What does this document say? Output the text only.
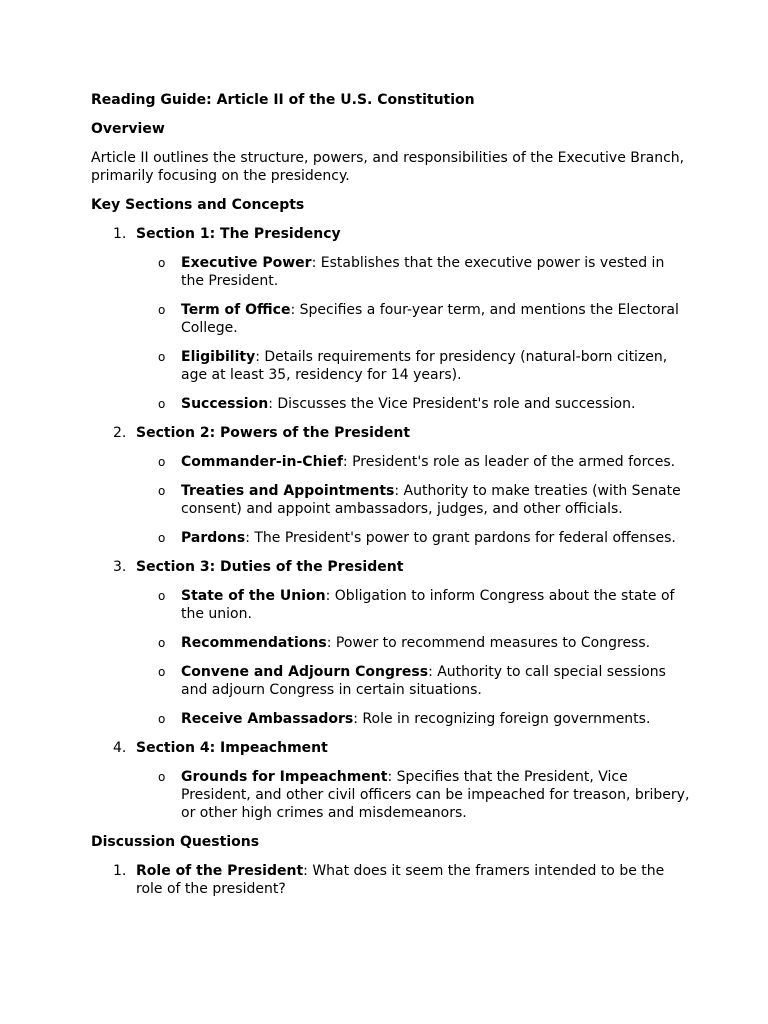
Reading Guide: Article II of the U.S. Constitution

Overview

Article II outlines the structure, powers, and responsibilities of the Executive Branch, primarily focusing on the presidency.

Key Sections and Concepts

1. Section 1: The Presidency
o	Executive Power: Establishes that the executive power is vested in the President.
o	Term of Office: Specifies a four-year term, and mentions the Electoral College.
o	Eligibility: Details requirements for presidency (natural-born citizen, age at least 35, residency for 14 years).
o	Succession: Discusses the Vice President's role and succession.
2. Section 2: Powers of the President
o	Commander-in-Chief: President's role as leader of the armed forces.
o	Treaties and Appointments: Authority to make treaties (with Senate consent) and appoint ambassadors, judges, and other officials.
o	Pardons: The President's power to grant pardons for federal offenses.
3. Section 3: Duties of the President
o	State of the Union: Obligation to inform Congress about the state of the union.
o	Recommendations: Power to recommend measures to Congress.
o	Convene and Adjourn Congress: Authority to call special sessions and adjourn Congress in certain situations.
o	Receive Ambassadors: Role in recognizing foreign governments.
4. Section 4: Impeachment
o	Grounds for Impeachment: Specifies that the President, Vice President, and other civil officers can be impeached for treason, bribery, or other high crimes and misdemeanors.

Discussion Questions

1. Role of the President: What does it seem the framers intended to be the role of the president?
